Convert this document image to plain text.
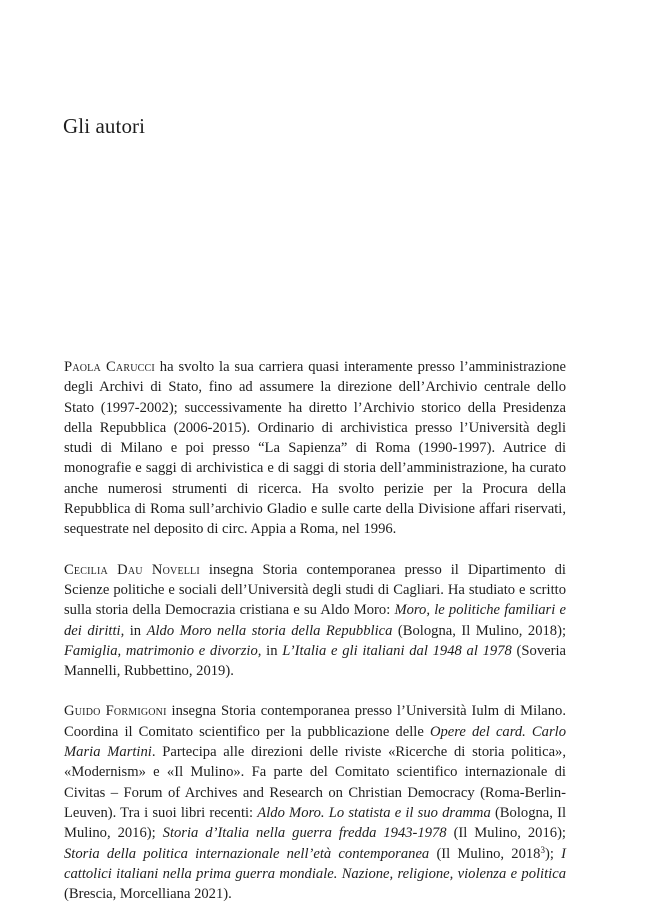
Gli autori

Paola Carucci ha svolto la sua carriera quasi interamente presso l’amministrazione degli Archivi di Stato, fino ad assumere la direzione dell’Archivio centrale dello Stato (1997-2002); successivamente ha diretto l’Archivio storico della Presidenza della Repubblica (2006-2015). Ordinario di archivistica presso l’Università degli studi di Milano e poi presso “La Sapienza” di Roma (1990-1997). Autrice di monografie e saggi di archivistica e di saggi di storia dell’amministrazione, ha curato anche numerosi strumenti di ricerca. Ha svolto perizie per la Procura della Repubblica di Roma sull’archivio Gladio e sulle carte della Divisione affari riservati, sequestrate nel deposito di circ. Appia a Roma, nel 1996.

Cecilia Dau Novelli insegna Storia contemporanea presso il Dipartimento di Scienze politiche e sociali dell’Università degli studi di Cagliari. Ha studiato e scritto sulla storia della Democrazia cristiana e su Aldo Moro: Moro, le politiche familiari e dei diritti, in Aldo Moro nella storia della Repubblica (Bologna, Il Mulino, 2018); Famiglia, matrimonio e divorzio, in L’Italia e gli italiani dal 1948 al 1978 (Soveria Mannelli, Rubbettino, 2019).

Guido Formigoni insegna Storia contemporanea presso l’Università Iulm di Milano. Coordina il Comitato scientifico per la pubblicazione delle Opere del card. Carlo Maria Martini. Partecipa alle direzioni delle riviste «Ricerche di storia politica», «Modernism» e «Il Mulino». Fa parte del Comitato scientifico internazionale di Civitas – Forum of Archives and Research on Christian Democracy (Roma-Berlin-Leuven). Tra i suoi libri recenti: Aldo Moro. Lo statista e il suo dramma (Bologna, Il Mulino, 2016); Storia d’Italia nella guerra fredda 1943-1978 (Il Mulino, 2016); Storia della politica internazionale nell’età contemporanea (Il Mulino, 2018$^3$); I cattolici italiani nella prima guerra mondiale. Nazione, religione, violenza e politica (Brescia, Morcelliana 2021).
